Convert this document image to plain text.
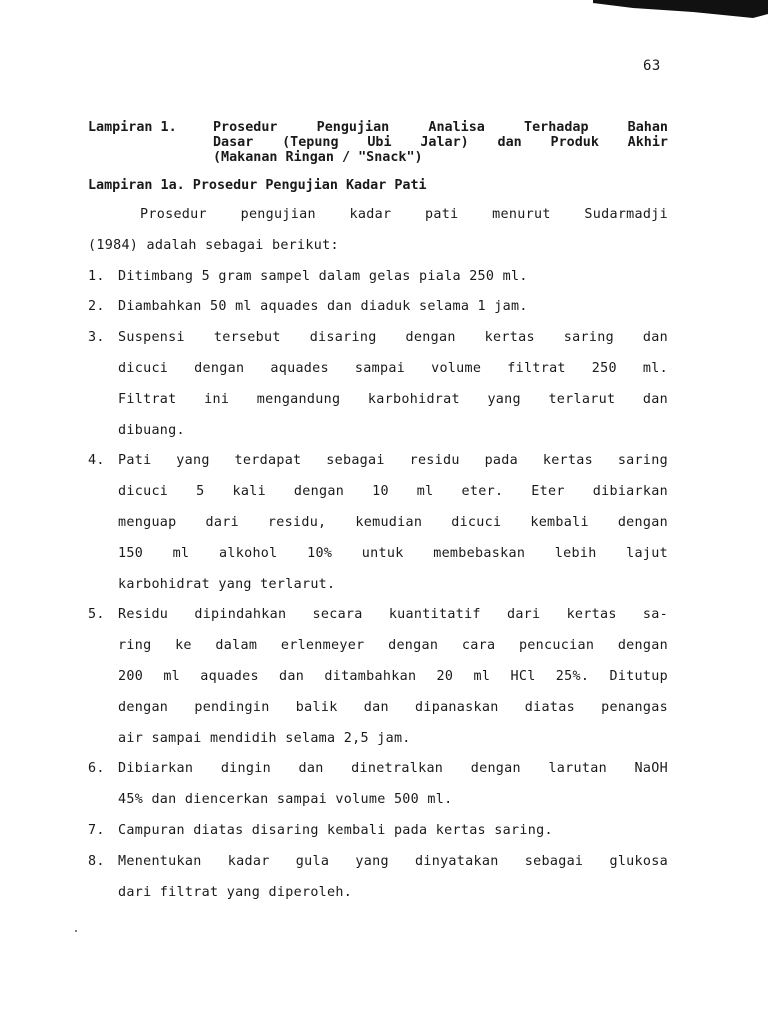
63
Lampiran 1.	Prosedur Pengujian Analisa Terhadap Bahan
Dasar (Tepung Ubi Jalar) dan Produk Akhir
(Makanan Ringan / "Snack")
Lampiran 1a. Prosedur Pengujian Kadar Pati
Prosedur pengujian kadar pati menurut Sudarmadji
(1984) adalah sebagai berikut:
1. Ditimbang 5 gram sampel dalam gelas piala 250 ml.
2. Diambahkan 50 ml aquades dan diaduk selama 1 jam.
3. Suspensi tersebut disaring dengan kertas saring dan
dicuci dengan aquades sampai volume filtrat 250 ml.
Filtrat ini mengandung karbohidrat yang terlarut dan
dibuang.
4. Pati yang terdapat sebagai residu pada kertas saring
dicuci 5 kali dengan 10 ml eter. Eter dibiarkan
menguap dari residu, kemudian dicuci kembali dengan
150 ml alkohol 10% untuk membebaskan lebih lajut
karbohidrat yang terlarut.
5. Residu dipindahkan secara kuantitatif dari kertas sa-
ring ke dalam erlenmeyer dengan cara pencucian dengan
200 ml aquades dan ditambahkan 20 ml HCl 25%. Ditutup
dengan pendingin balik dan dipanaskan diatas penangas
air sampai mendidih selama 2,5 jam.
6. Dibiarkan dingin dan dinetralkan dengan larutan NaOH
45% dan diencerkan sampai volume 500 ml.
7. Campuran diatas disaring kembali pada kertas saring.
8. Menentukan kadar gula yang dinyatakan sebagai glukosa
dari filtrat yang diperoleh.
